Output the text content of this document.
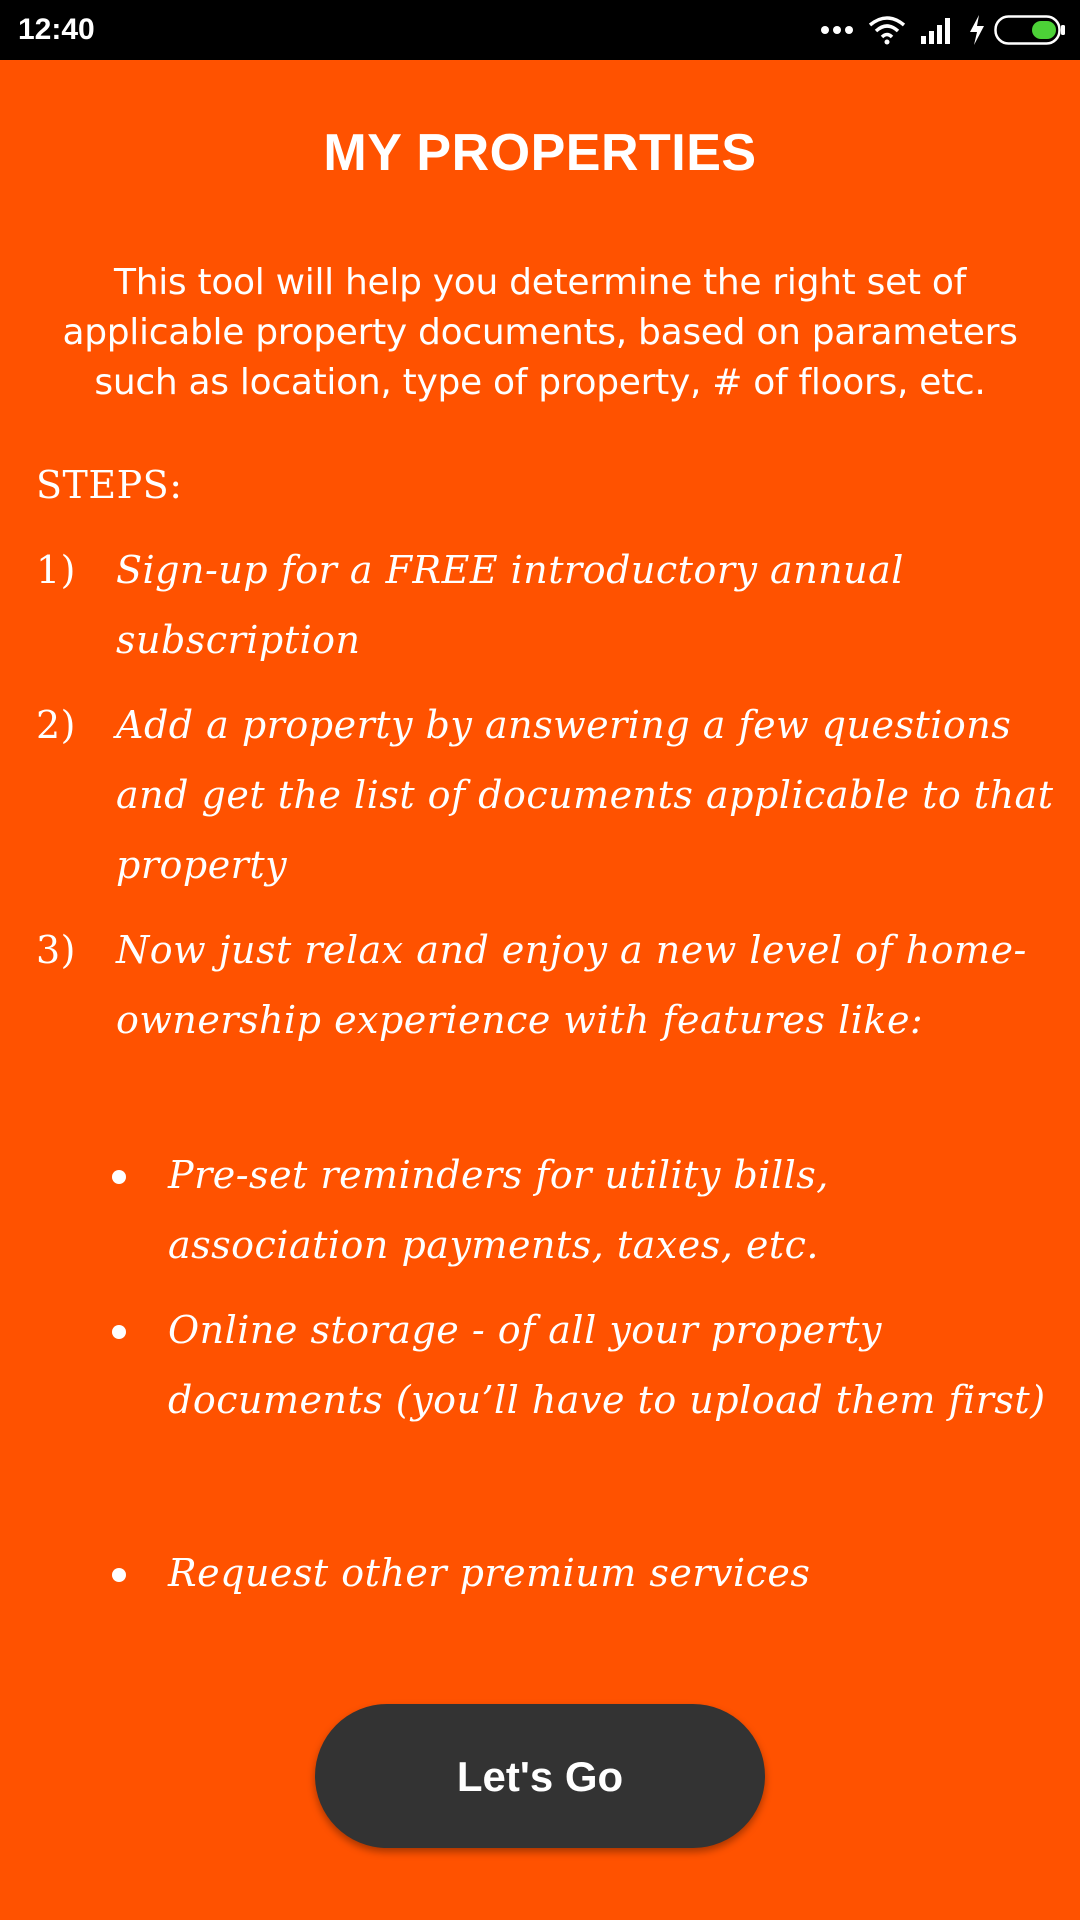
12:40
MY PROPERTIES
This tool will help you determine the right set of applicable property documents, based on parameters such as location, type of property, # of floors, etc.
STEPS:
1) Sign-up for a FREE introductory annual subscription
2) Add a property by answering a few questions and get the list of documents applicable to that property
3) Now just relax and enjoy a new level of home-ownership experience with features like:
Pre-set reminders for utility bills, association payments, taxes, etc.
Online storage - of all your property documents (you’ll have to upload them first)
Request other premium services
Let's Go
